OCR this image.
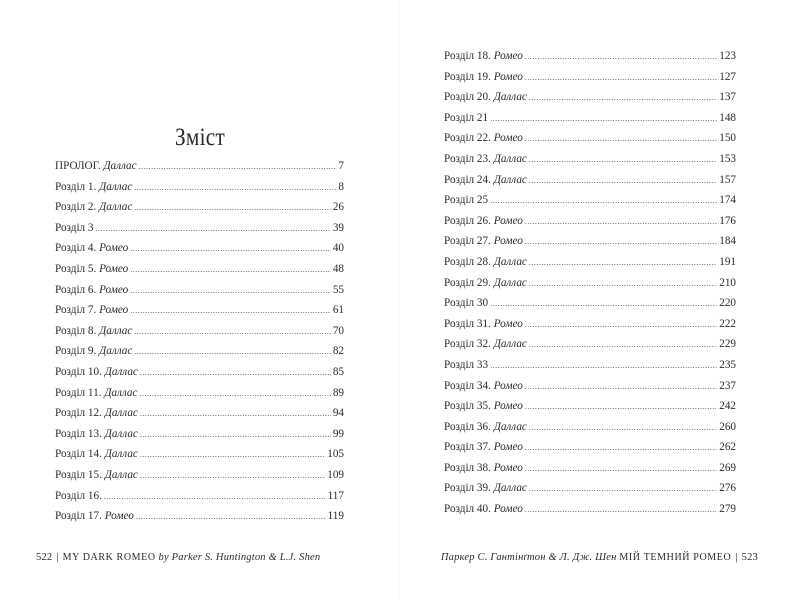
Зміст
ПРОЛОГ. Даллас .....	7
Розділ 1. Даллас .....	8
Розділ 2. Даллас .....	26
Розділ 3 .....	39
Розділ 4. Ромео .....	40
Розділ 5. Ромео .....	48
Розділ 6. Ромео .....	55
Розділ 7. Ромео .....	61
Розділ 8. Даллас .....	70
Розділ 9. Даллас .....	82
Розділ 10. Даллас .....	85
Розділ 11. Даллас .....	89
Розділ 12. Даллас .....	94
Розділ 13. Даллас .....	99
Розділ 14. Даллас .....	105
Розділ 15. Даллас .....	109
Розділ 16. .....	117
Розділ 17. Ромео .....	119
522 | MY DARK ROMEO by Parker S. Huntington & L.J. Shen
Розділ 18. Ромео .....	123
Розділ 19. Ромео .....	127
Розділ 20. Даллас .....	137
Розділ 21 .....	148
Розділ 22. Ромео .....	150
Розділ 23. Даллас .....	153
Розділ 24. Даллас .....	157
Розділ 25 .....	174
Розділ 26. Ромео .....	176
Розділ 27. Ромео .....	184
Розділ 28. Даллас .....	191
Розділ 29. Даллас .....	210
Розділ 30 .....	220
Розділ 31. Ромео .....	222
Розділ 32. Даллас .....	229
Розділ 33 .....	235
Розділ 34. Ромео .....	237
Розділ 35. Ромео .....	242
Розділ 36. Даллас .....	260
Розділ 37. Ромео .....	262
Розділ 38. Ромео .....	269
Розділ 39. Даллас .....	276
Розділ 40. Ромео .....	279
Паркер С. Гантінґтон & Л. Дж. Шен МІЙ ТЕМНИЙ РОМЕО | 523
